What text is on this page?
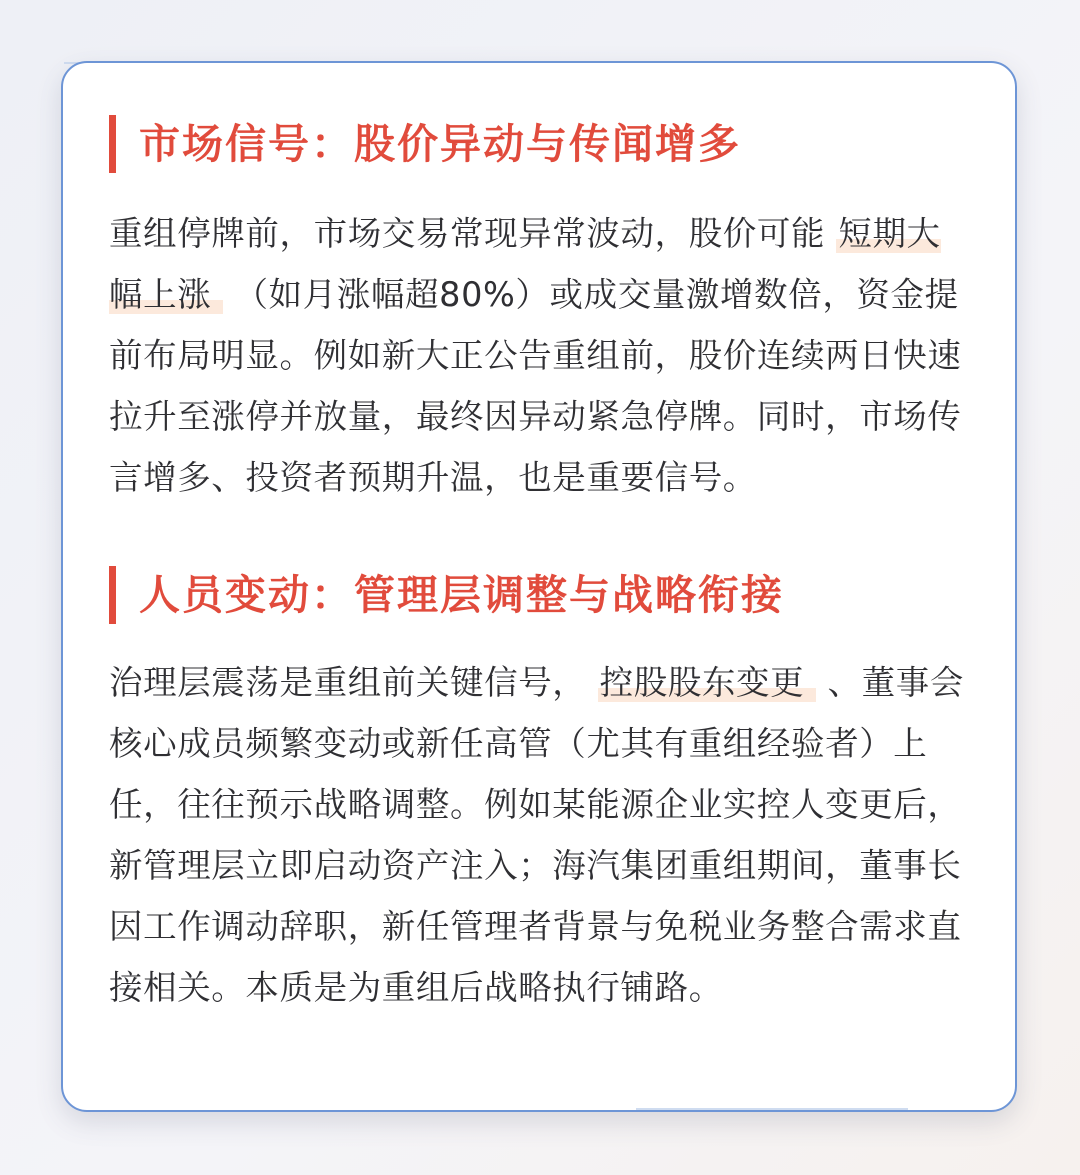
市场信号：股价异动与传闻增多

重组停牌前，市场交易常现异常波动，股价可能 短期大幅上涨 （如月涨幅超80%）或成交量激增数倍，资金提前布局明显。例如新大正公告重组前，股价连续两日快速拉升至涨停并放量，最终因异动紧急停牌。同时，市场传言增多、投资者预期升温，也是重要信号。

人员变动：管理层调整与战略衔接

治理层震荡是重组前关键信号， 控股股东变更 、董事会核心成员频繁变动或新任高管（尤其有重组经验者）上任，往往预示战略调整。例如某能源企业实控人变更后，新管理层立即启动资产注入；海汽集团重组期间，董事长因工作调动辞职，新任管理者背景与免税业务整合需求直接相关。本质是为重组后战略执行铺路。
